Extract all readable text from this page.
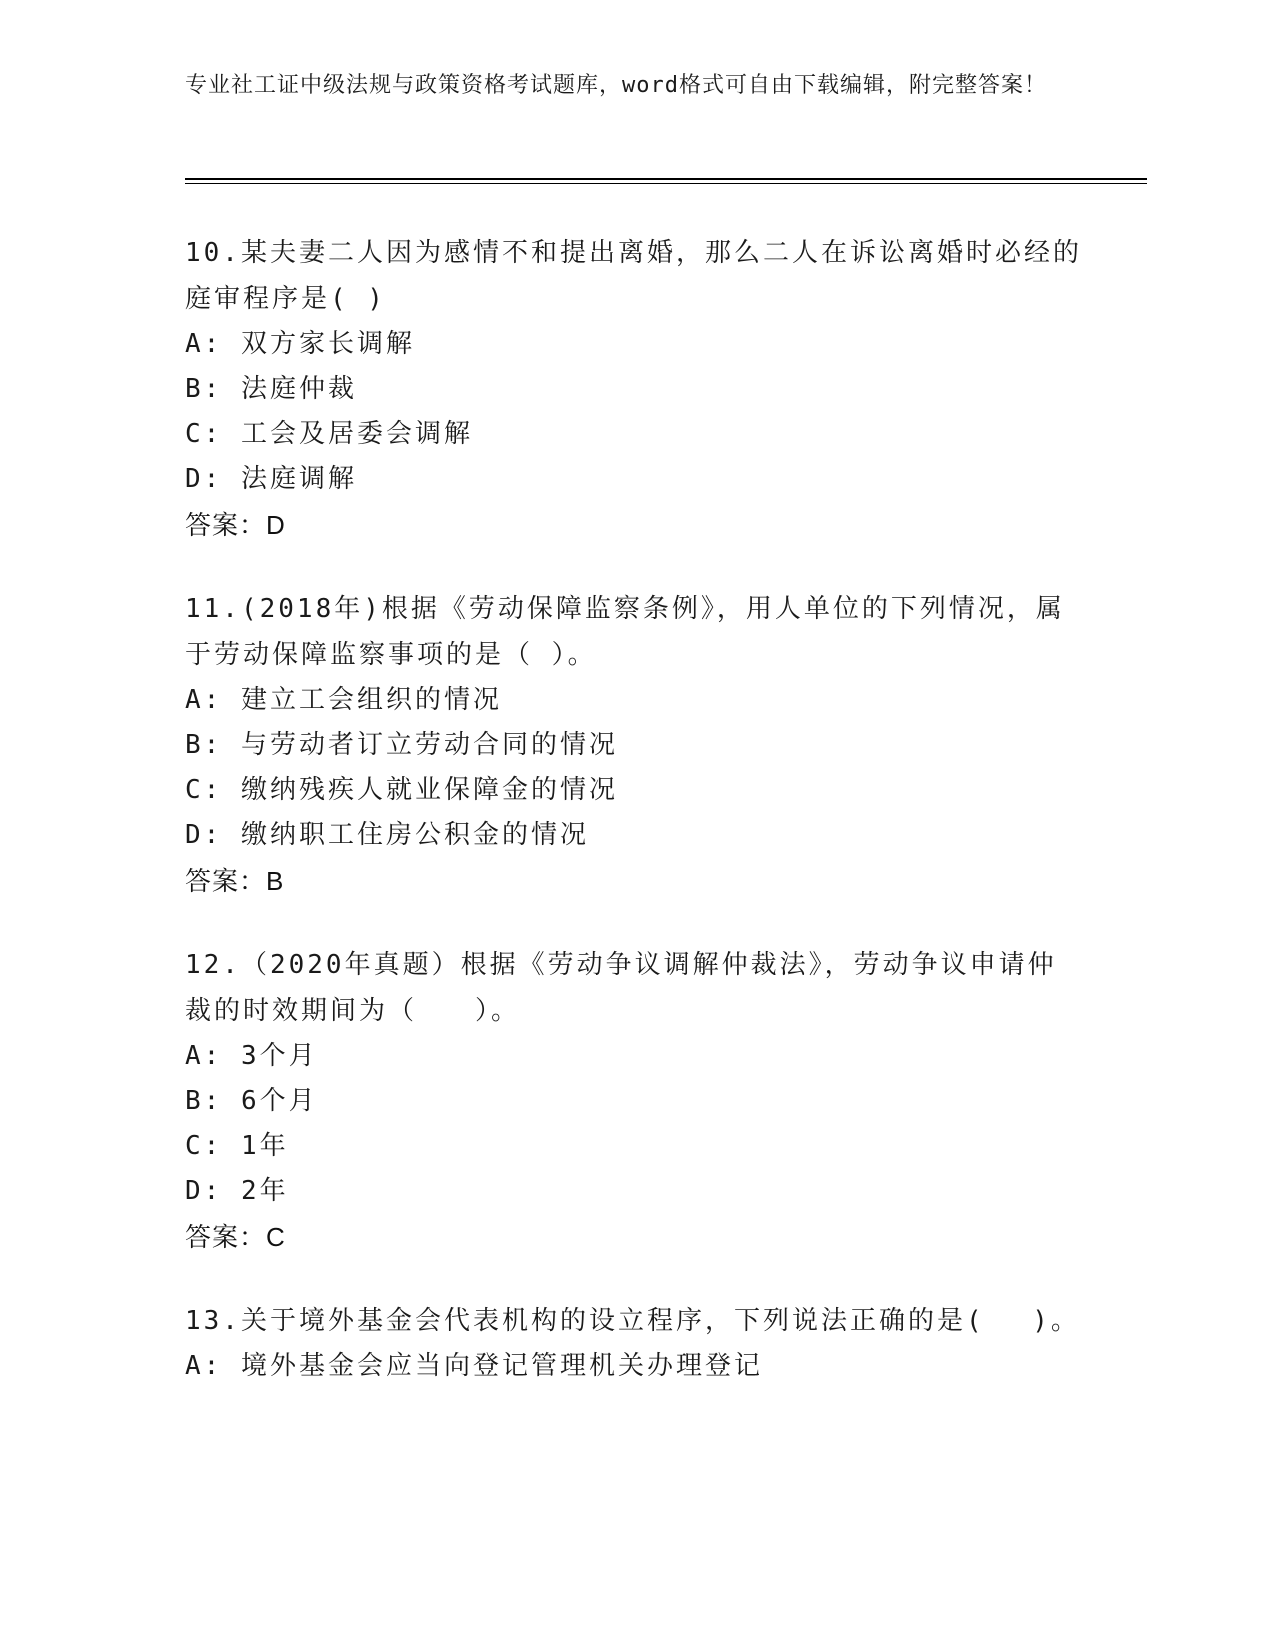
专业社工证中级法规与政策资格考试题库，word格式可自由下载编辑，附完整答案！
10.某夫妻二人因为感情不和提出离婚，那么二人在诉讼离婚时必经的庭审程序是( )
A: 双方家长调解
B: 法庭仲裁
C: 工会及居委会调解
D: 法庭调解
答案：D
11.(2018年)根据《劳动保障监察条例》，用人单位的下列情况，属于劳动保障监察事项的是（ ）。
A: 建立工会组织的情况
B: 与劳动者订立劳动合同的情况
C: 缴纳残疾人就业保障金的情况
D: 缴纳职工住房公积金的情况
答案：B
12.（2020年真题）根据《劳动争议调解仲裁法》，劳动争议申请仲裁的时效期间为（　　）。
A: 3个月
B: 6个月
C: 1年
D: 2年
答案：C
13.关于境外基金会代表机构的设立程序，下列说法正确的是(　 )。
A: 境外基金会应当向登记管理机关办理登记
